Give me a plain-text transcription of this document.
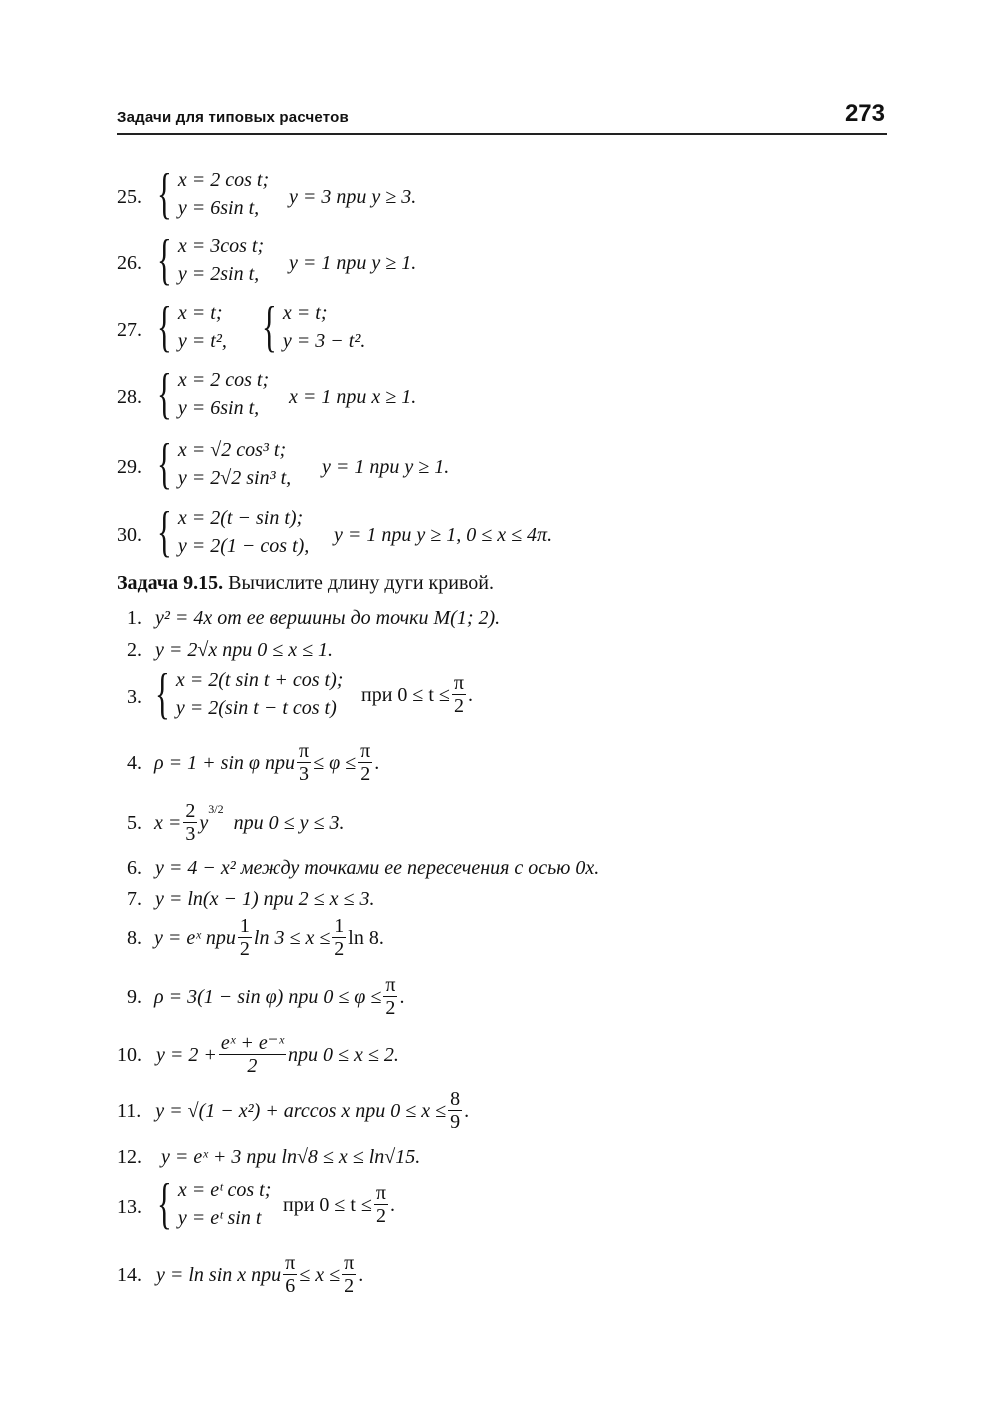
Задачи для типовых расчетов	273
25. { x = 2 cos t;
y = 6sin t,	y = 3 при y ≥ 3.
26. { x = 3cos t;
y = 2sin t, y = 1 при y ≥ 1.
27. { x = t;
y = t², { x = t;
y = 3 − t².
28. { x = 2 cos t;
y = 6sin t,	x = 1 при x ≥ 1.
29. { x = √2 cos³ t;
y = 2√2 sin³ t, y = 1 при y ≥ 1.
30. { x = 2(t − sin t);
y = 2(1 − cos t), y = 1 при y ≥ 1, 0 ≤ x ≤ 4π.
Задача 9.15. Вычислите длину дуги кривой.
1. y² = 4x от ее вершины до точки M(1; 2).
2. y = 2√x при 0 ≤ x ≤ 1.
3. { x = 2(t sin t + cos t);
y = 2(sin t − t cos t)
при $0 \le t \le \frac{\pi}{2}$ .
4. ρ = 1 + sin φ при $\frac{\pi}{3} \le \varphi \le \frac{\pi}{2}$ .
5. $x = \frac{2}{3}$ y
$^{3/2}$
при 0 ≤ y ≤ 3.
6. y = 4 − x² между точками ее пересечения с осью 0x.
7. y = ln(x − 1) при 2 ≤ x ≤ 3.
8. y = eˣ при $\frac{1}{2}$ $\ln 3 \le x \le \frac{1}{2}$ ln 8.
9. ρ = 3(1 − sin φ) при $0 \le \varphi \le \frac{\pi}{2}$ .
10. $y = 2 + \frac{\text{eˣ + e⁻ˣ}}{2}$ при 0 ≤ x ≤ 2.
11. y = √(1 − x²) + arccos x при $0 \le x \le \frac{8}{9}$ .
12. y = eˣ + 3 при ln√8 ≤ x ≤ ln√15.
13. { x = eᵗ cos t;
y = eᵗ sin t
при $0 \le t \le \frac{\pi}{2}$ .
14. y = ln sin x при $\frac{\pi}{6} \le x \le \frac{\pi}{2}$ .
